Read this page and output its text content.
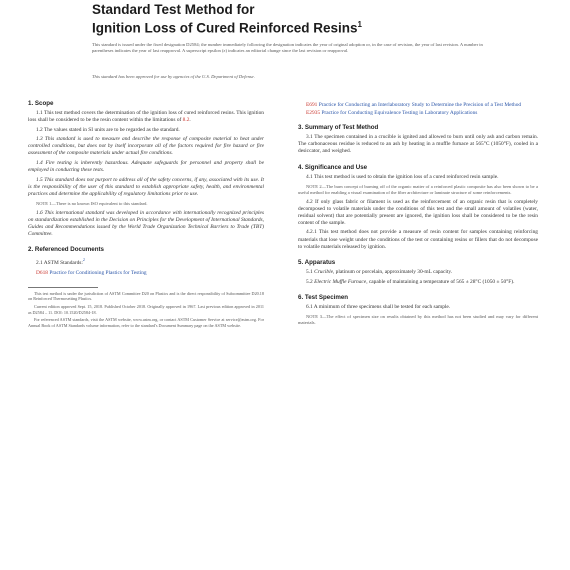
Standard Test Method for
Ignition Loss of Cured Reinforced Resins$^1$
This standard is issued under the fixed designation D2584; the number immediately following the designation indicates the year of original adoption or, in the case of revision, the year of last revision. A number in parentheses indicates the year of last reapproval. A superscript epsilon (ε) indicates an editorial change since the last revision or reapproval.
This standard has been approved for use by agencies of the U.S. Department of Defense.
1. Scope

1.1 This test method covers the determination of the ignition loss of cured reinforced resins. This ignition loss shall be considered to be the resin content within the limitations of 8.2.

1.2 The values stated in SI units are to be regarded as the standard.

1.3 This standard is used to measure and describe the response of composite material to heat under controlled conditions, but does not by itself incorporate all of the factors required for fire hazard or fire assessment of the composite materials under actual fire conditions.

1.4 Fire testing is inherently hazardous. Adequate safeguards for personnel and property shall be employed in conducting these tests.

1.5 This standard does not purport to address all of the safety concerns, if any, associated with its use. It is the responsibility of the user of this standard to establish appropriate safety, health, and environmental practices and determine the applicability of regulatory limitations prior to use.

NOTE 1—There is no known ISO equivalent to this standard.

1.6 This international standard was developed in accordance with internationally recognized principles on standardization established in the Decision on Principles for the Development of International Standards, Guides and Recommendations issued by the World Trade Organization Technical Barriers to Trade (TBT) Committee.

2. Referenced Documents

2.1 ASTM Standards:$^2$

D618 Practice for Conditioning Plastics for Testing

This test method is under the jurisdiction of ASTM Committee D20 on Plastics and is the direct responsibility of Subcommittee D20.18 on Reinforced Thermosetting Plastics.

Current edition approved Sept. 15, 2018. Published October 2018. Originally approved in 1967. Last previous edition approved in 2011 as D2584 – 11. DOI: 10.1520/D2584-18.

For referenced ASTM standards, visit the ASTM website, www.astm.org, or contact ASTM Customer Service at service@astm.org. For Annual Book of ASTM Standards volume information, refer to the standard's Document Summary page on the ASTM website.

E691 Practice for Conducting an Interlaboratory Study to Determine the Precision of a Test Method

E2935 Practice for Conducting Equivalence Testing in Laboratory Applications

3. Summary of Test Method

3.1 The specimen contained in a crucible is ignited and allowed to burn until only ash and carbon remain. The carbonaceous residue is reduced to an ash by heating in a muffle furnace at 565°C (1050°F), cooled in a desiccator, and weighed.

4. Significance and Use

4.1 This test method is used to obtain the ignition loss of a cured reinforced resin sample.

NOTE 2—The burn concept of burning off of the organic matter of a reinforced plastic composite has also been shown to be a useful method for enabling a visual examination of the fiber architecture or laminate structure of some reinforcements.

4.2 If only glass fabric or filament is used as the reinforcement of an organic resin that is completely decomposed to volatile materials under the conditions of this test and the small amount of volatiles (water, residual solvent) that are potentially present are ignored, the ignition loss shall be considered to be the resin content of the sample.

4.2.1 This test method does not provide a measure of resin content for samples containing reinforcing materials that lose weight under the conditions of the test or containing resins or fillers that do not decompose to volatile materials released by ignition.

5. Apparatus

5.1 Crucible, platinum or porcelain, approximately 30-mL capacity.

5.2 Electric Muffle Furnace, capable of maintaining a temperature of 565 ± 28°C (1050 ± 50°F).

6. Test Specimen

6.1 A minimum of three specimens shall be tested for each sample.

NOTE 3—The effect of specimen size on results obtained by this method has not been studied and may vary for different materials.
